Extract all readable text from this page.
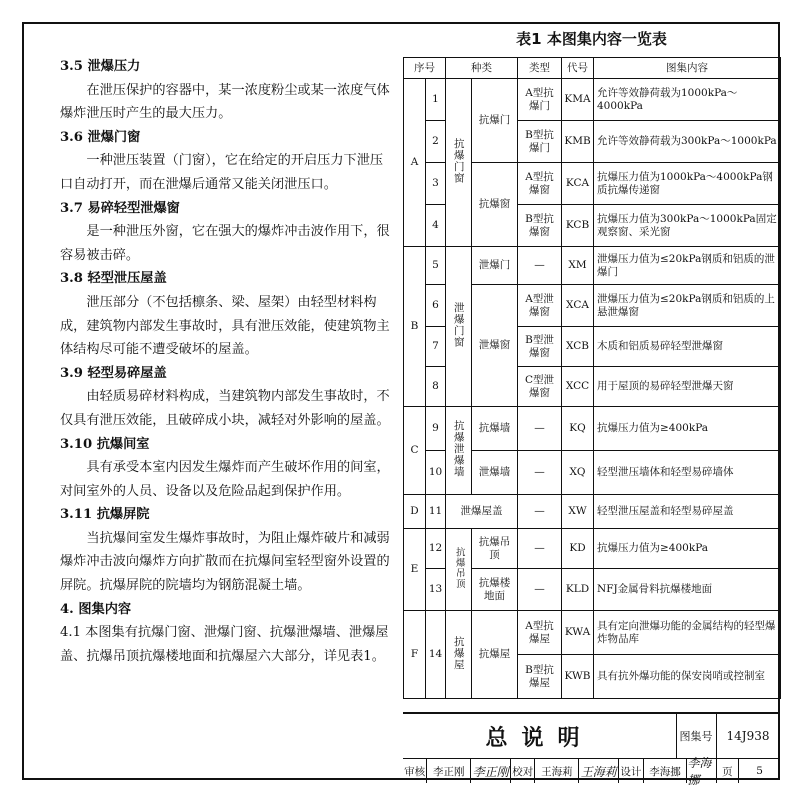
3.5 泄爆压力

在泄压保护的容器中，某一浓度粉尘或某一浓度气体爆炸泄压时产生的最大压力。

3.6 泄爆门窗

一种泄压装置（门窗），它在给定的开启压力下泄压口自动打开，而在泄爆后通常又能关闭泄压口。

3.7 易碎轻型泄爆窗

是一种泄压外窗，它在强大的爆炸冲击波作用下，很容易被击碎。

3.8 轻型泄压屋盖

泄压部分（不包括檩条、梁、屋架）由轻型材料构成，建筑物内部发生事故时，具有泄压效能，使建筑物主体结构尽可能不遭受破坏的屋盖。

3.9 轻型易碎屋盖

由轻质易碎材料构成，当建筑物内部发生事故时，不仅具有泄压效能，且破碎成小块，减轻对外影响的屋盖。

3.10 抗爆间室

具有承受本室内因发生爆炸而产生破坏作用的间室，对间室外的人员、设备以及危险品起到保护作用。

3.11 抗爆屏院

当抗爆间室发生爆炸事故时，为阻止爆炸破片和减弱爆炸冲击波向爆炸方向扩散而在抗爆间室轻型窗外设置的屏院。抗爆屏院的院墙均为钢筋混凝土墙。

4. 图集内容

4.1 本图集有抗爆门窗、泄爆门窗、抗爆泄爆墙、泄爆屋盖、抗爆吊顶抗爆楼地面和抗爆屋六大部分，详见表1。

表1 本图集内容一览表
序号		种类		类型	代号	图集内容
A	1	抗爆门窗	抗爆门	A型抗爆门	KMA	允许等效静荷载为1000kPa～4000kPa
	2			B型抗爆门	KMB	允许等效静荷载为300kPa～1000kPa
	3		抗爆窗	A型抗爆窗	KCA	抗爆压力值为1000kPa～4000kPa钢质抗爆传递窗
	4			B型抗爆窗	KCB	抗爆压力值为300kPa～1000kPa固定观察窗、采光窗
B	5	泄爆门窗	泄爆门	—	XM	泄爆压力值为≤20kPa钢质和铝质的泄爆门
	6		泄爆窗	A型泄爆窗	XCA	泄爆压力值为≤20kPa钢质和铝质的上悬泄爆窗
	7			B型泄爆窗	XCB	木质和铝质易碎轻型泄爆窗
	8			C型泄爆窗	XCC	用于屋顶的易碎轻型泄爆天窗
C	9	抗爆泄爆墙	抗爆墙	—	KQ	抗爆压力值为≥400kPa
	10		泄爆墙	—	XQ	轻型泄压墙体和轻型易碎墙体
D	11	泄爆屋盖		—	XW	轻型泄压屋盖和轻型易碎屋盖
E	12	抗爆吊顶	抗爆吊顶	—	KD	抗爆压力值为≥400kPa
	13		抗爆楼地面	—	KLD	NFJ金属骨料抗爆楼地面
F	14	抗爆屋	抗爆屋	A型抗爆屋	KWA	具有定向泄爆功能的金属结构的轻型爆炸物品库
				B型抗爆屋	KWB	具有抗外爆功能的保安岗哨或控制室
总说明	图集号	14J938
审核 李正刚 李正刚 校对 王海莉 王海莉 设计 李海挪
李海挪
页	5
